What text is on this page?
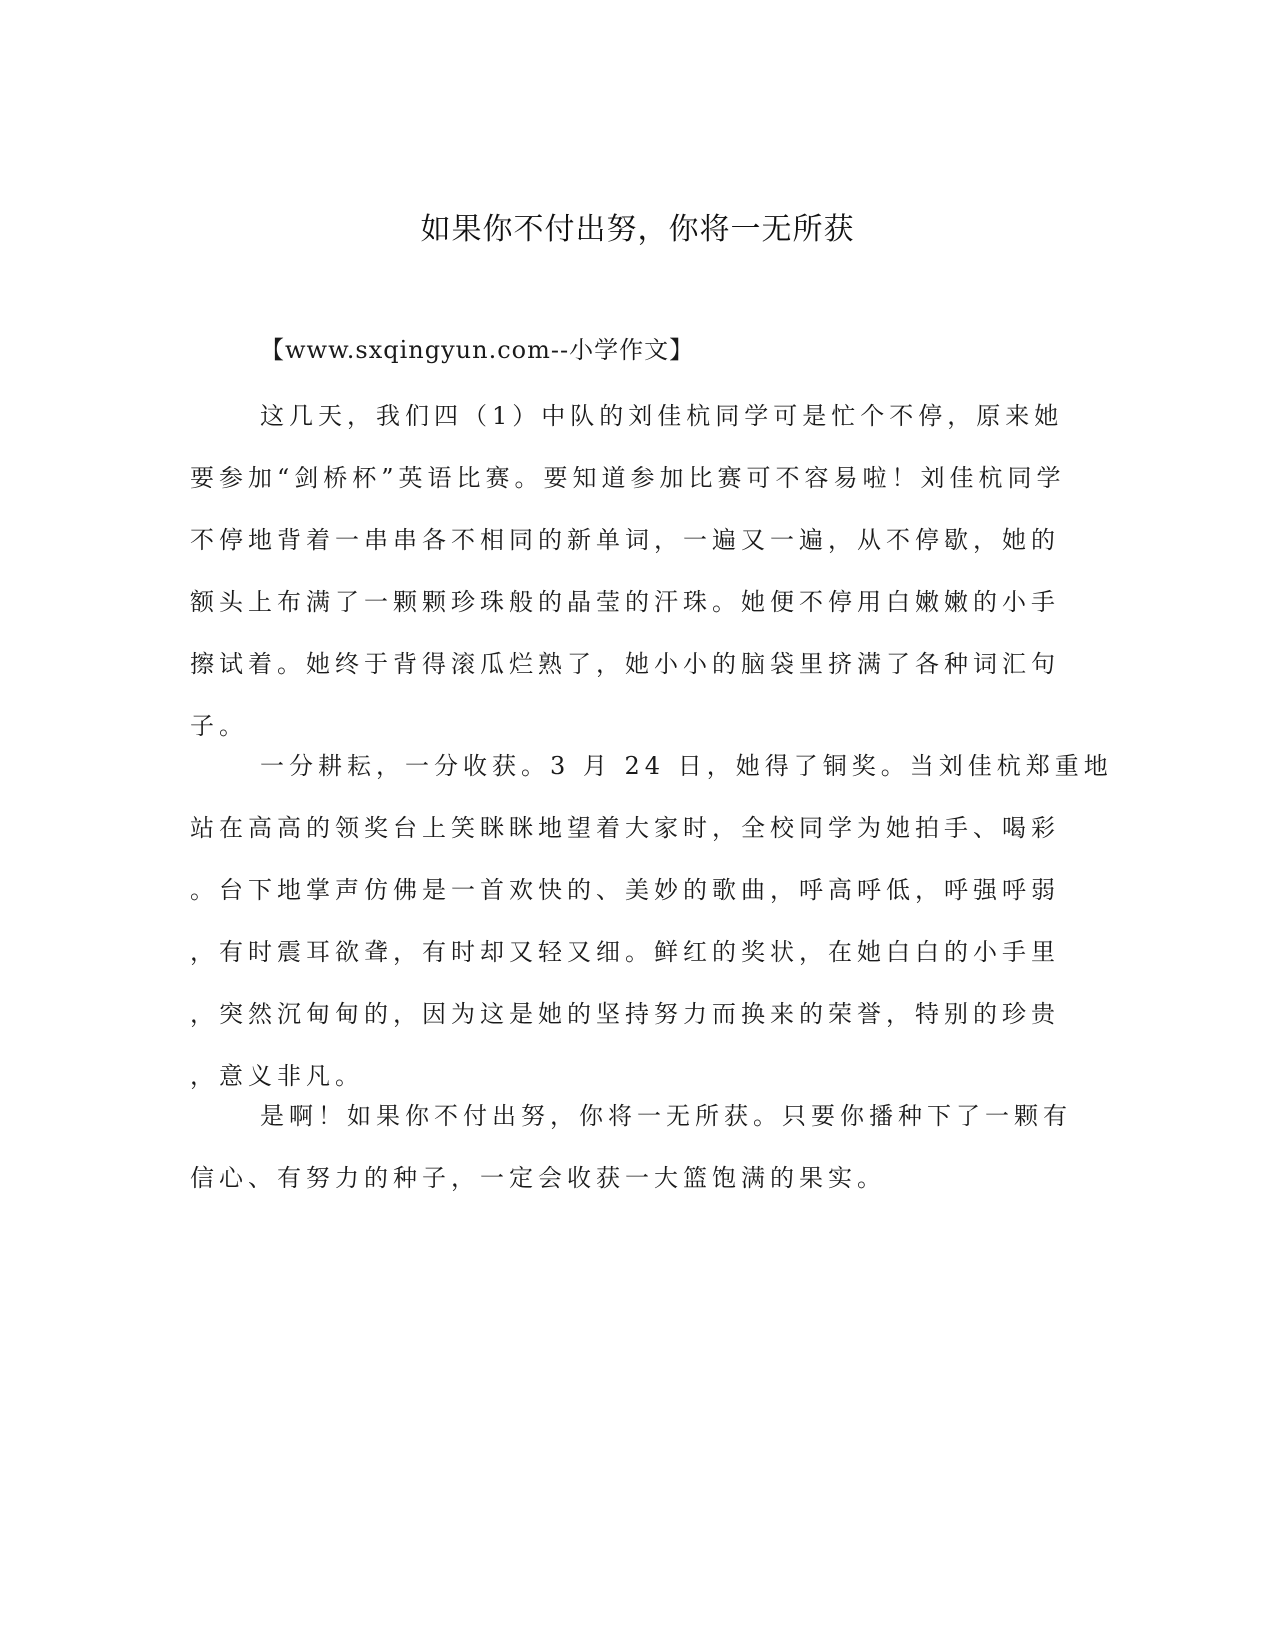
如果你不付出努，你将一无所获
【www.sxqingyun.com--小学作文】
这几天，我们四（1）中队的刘佳杭同学可是忙个不停，原来她
要参加“剑桥杯”英语比赛。要知道参加比赛可不容易啦！刘佳杭同学
不停地背着一串串各不相同的新单词，一遍又一遍，从不停歇，她的
额头上布满了一颗颗珍珠般的晶莹的汗珠。她便不停用白嫩嫩的小手
擦试着。她终于背得滚瓜烂熟了，她小小的脑袋里挤满了各种词汇句
子。
一分耕耘，一分收获。3 月 24 日，她得了铜奖。当刘佳杭郑重地
站在高高的领奖台上笑眯眯地望着大家时，全校同学为她拍手、喝彩
。台下地掌声仿佛是一首欢快的、美妙的歌曲，呼高呼低，呼强呼弱
，有时震耳欲聋，有时却又轻又细。鲜红的奖状，在她白白的小手里
，突然沉甸甸的，因为这是她的坚持努力而换来的荣誉，特别的珍贵
，意义非凡。
是啊！如果你不付出努，你将一无所获。只要你播种下了一颗有
信心、有努力的种子，一定会收获一大篮饱满的果实。
